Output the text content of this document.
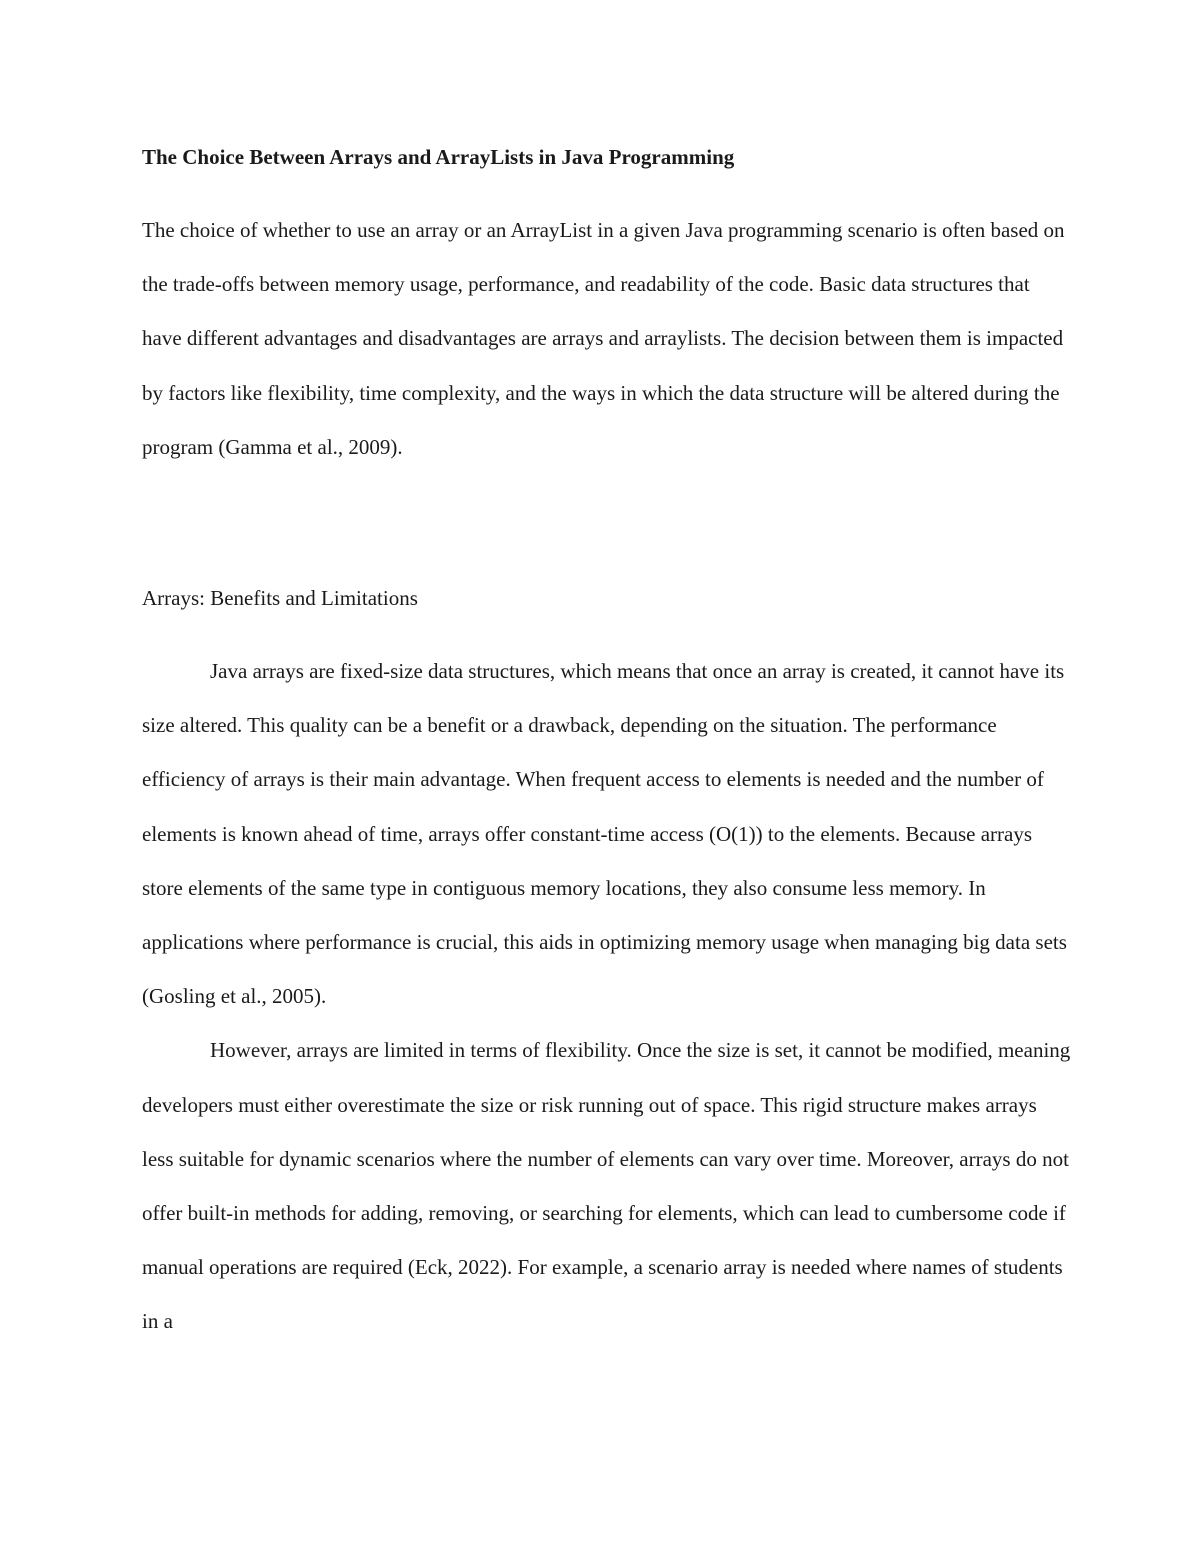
The Choice Between Arrays and ArrayLists in Java Programming

The choice of whether to use an array or an ArrayList in a given Java programming scenario is often based on the trade-offs between memory usage, performance, and readability of the code. Basic data structures that have different advantages and disadvantages are arrays and arraylists. The decision between them is impacted by factors like flexibility, time complexity, and the ways in which the data structure will be altered during the program (Gamma et al., 2009).

Arrays: Benefits and Limitations

Java arrays are fixed-size data structures, which means that once an array is created, it cannot have its size altered. This quality can be a benefit or a drawback, depending on the situation. The performance efficiency of arrays is their main advantage. When frequent access to elements is needed and the number of elements is known ahead of time, arrays offer constant-time access (O(1)) to the elements. Because arrays store elements of the same type in contiguous memory locations, they also consume less memory. In applications where performance is crucial, this aids in optimizing memory usage when managing big data sets (Gosling et al., 2005).

However, arrays are limited in terms of flexibility. Once the size is set, it cannot be modified, meaning developers must either overestimate the size or risk running out of space. This rigid structure makes arrays less suitable for dynamic scenarios where the number of elements can vary over time. Moreover, arrays do not offer built-in methods for adding, removing, or searching for elements, which can lead to cumbersome code if manual operations are required (Eck, 2022). For example, a scenario array is needed where names of students in a
